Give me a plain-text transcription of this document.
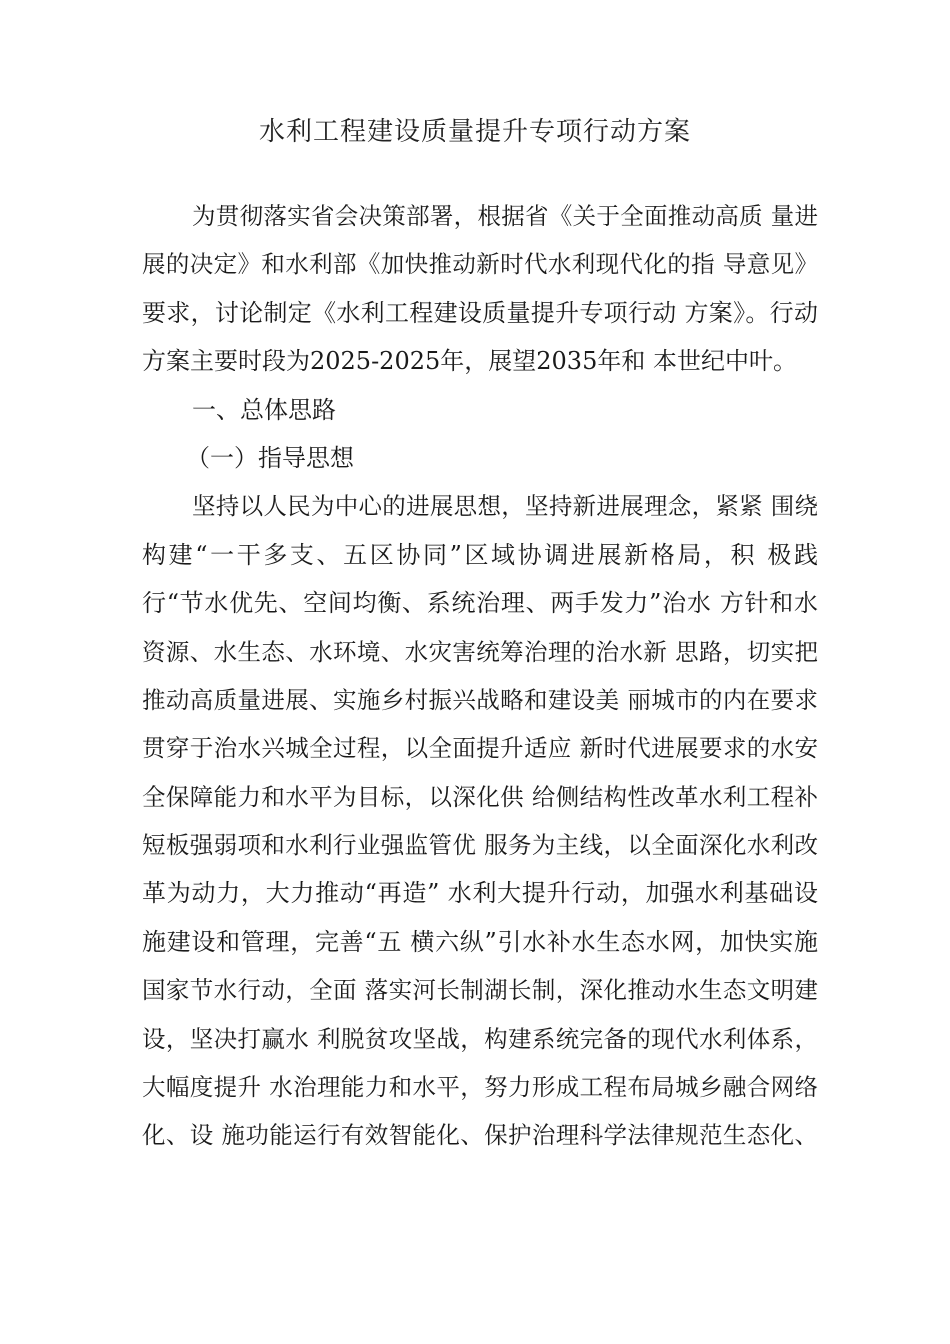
水利工程建设质量提升专项行动方案
为贯彻落实省会决策部署，根据省《关于全面推动高质 量进
展的决定》和水利部《加快推动新时代水利现代化的指 导意见》
要求，讨论制定《水利工程建设质量提升专项行动 方案》。行动
方案主要时段为2025-2025年，展望2035年和 本世纪中叶。
一、总体思路
（一）指导思想
坚持以人民为中心的进展思想，坚持新进展理念，紧紧 围绕
构建“一干多支、五区协同”区域协调进展新格局，积 极践
行“节水优先、空间均衡、系统治理、两手发力”治水 方针和水
资源、水生态、水环境、水灾害统筹治理的治水新 思路，切实把
推动高质量进展、实施乡村振兴战略和建设美 丽城市的内在要求
贯穿于治水兴城全过程，以全面提升适应 新时代进展要求的水安
全保障能力和水平为目标，以深化供 给侧结构性改革水利工程补
短板强弱项和水利行业强监管优 服务为主线，以全面深化水利改
革为动力，大力推动“再造” 水利大提升行动，加强水利基础设
施建设和管理，完善“五 横六纵”引水补水生态水网，加快实施
国家节水行动，全面 落实河长制湖长制，深化推动水生态文明建
设，坚决打赢水 利脱贫攻坚战，构建系统完备的现代水利体系，
大幅度提升 水治理能力和水平，努力形成工程布局城乡融合网络
化、设 施功能运行有效智能化、保护治理科学法律规范生态化、
